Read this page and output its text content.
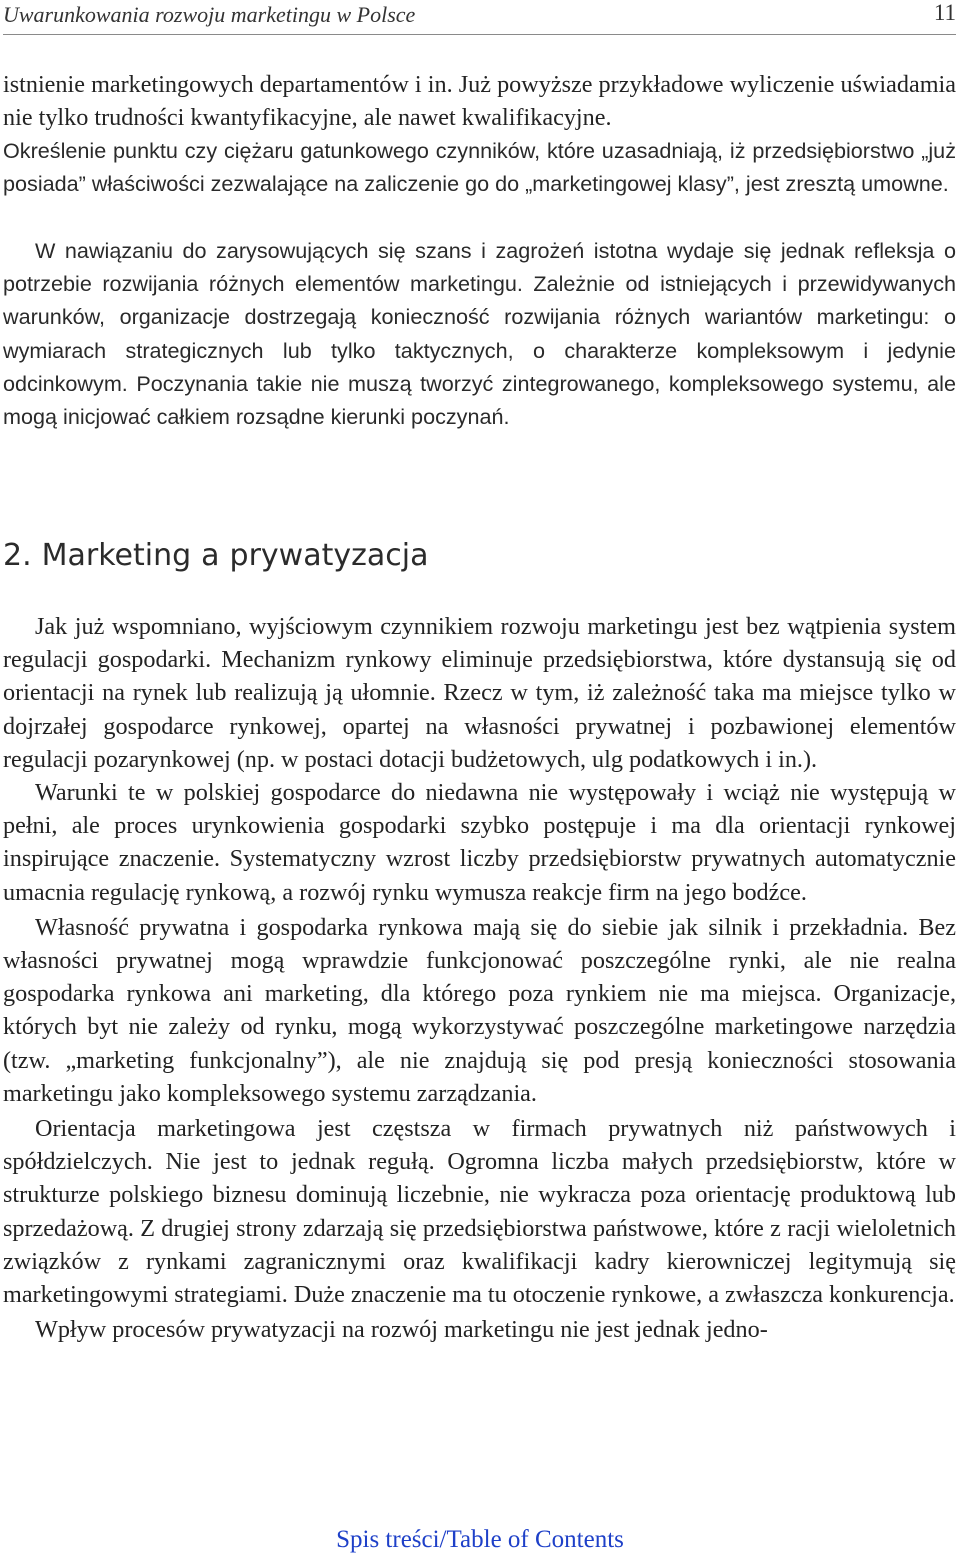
Uwarunkowania rozwoju marketingu w Polsce	11

istnienie marketingowych departamentów i in. Już powyższe przykładowe wyliczenie uświadamia nie tylko trudności kwantyfikacyjne, ale nawet kwalifikacyjne.

Określenie punktu czy ciężaru gatunkowego czynników, które uzasadniają, iż przedsiębiorstwo „już posiada” właściwości zezwalające na zaliczenie go do „marketingowej klasy”, jest zresztą umowne.

W nawiązaniu do zarysowujących się szans i zagrożeń istotna wydaje się jednak refleksja o potrzebie rozwijania różnych elementów marketingu. Zależnie od istniejących i przewidywanych warunków, organizacje dostrzegają konieczność rozwijania różnych wariantów marketingu: o wymiarach strategicznych lub tylko taktycznych, o charakterze kompleksowym i jedynie odcinkowym. Poczynania takie nie muszą tworzyć zintegrowanego, kompleksowego systemu, ale mogą inicjować całkiem rozsądne kierunki poczynań.

2. Marketing a prywatyzacja

Jak już wspomniano, wyjściowym czynnikiem rozwoju marketingu jest bez wątpienia system regulacji gospodarki. Mechanizm rynkowy eliminuje przedsiębiorstwa, które dystansują się od orientacji na rynek lub realizują ją ułomnie. Rzecz w tym, iż zależność taka ma miejsce tylko w dojrzałej gospodarce rynkowej, opartej na własności prywatnej i pozbawionej elementów regulacji pozarynkowej (np. w postaci dotacji budżetowych, ulg podatkowych i in.).

Warunki te w polskiej gospodarce do niedawna nie występowały i wciąż nie występują w pełni, ale proces urynkowienia gospodarki szybko postępuje i ma dla orientacji rynkowej inspirujące znaczenie. Systematyczny wzrost liczby przedsiębiorstw prywatnych automatycznie umacnia regulację rynkową, a rozwój rynku wymusza reakcje firm na jego bodźce.

Własność prywatna i gospodarka rynkowa mają się do siebie jak silnik i przekładnia. Bez własności prywatnej mogą wprawdzie funkcjonować poszczególne rynki, ale nie realna gospodarka rynkowa ani marketing, dla którego poza rynkiem nie ma miejsca. Organizacje, których byt nie zależy od rynku, mogą wykorzystywać poszczególne marketingowe narzędzia (tzw. „marketing funkcjonalny”), ale nie znajdują się pod presją konieczności stosowania marketingu jako kompleksowego systemu zarządzania.

Orientacja marketingowa jest częstsza w firmach prywatnych niż państwowych i spółdzielczych. Nie jest to jednak regułą. Ogromna liczba małych przedsiębiorstw, które w strukturze polskiego biznesu dominują liczebnie, nie wykracza poza orientację produktową lub sprzedażową. Z drugiej strony zdarzają się przedsiębiorstwa państwowe, które z racji wieloletnich związków z rynkami zagranicznymi oraz kwalifikacji kadry kierowniczej legitymują się marketingowymi strategiami. Duże znaczenie ma tu otoczenie rynkowe, a zwłaszcza konkurencja.

Wpływ procesów prywatyzacji na rozwój marketingu nie jest jednak jedno-

Spis treści/Table of Contents
